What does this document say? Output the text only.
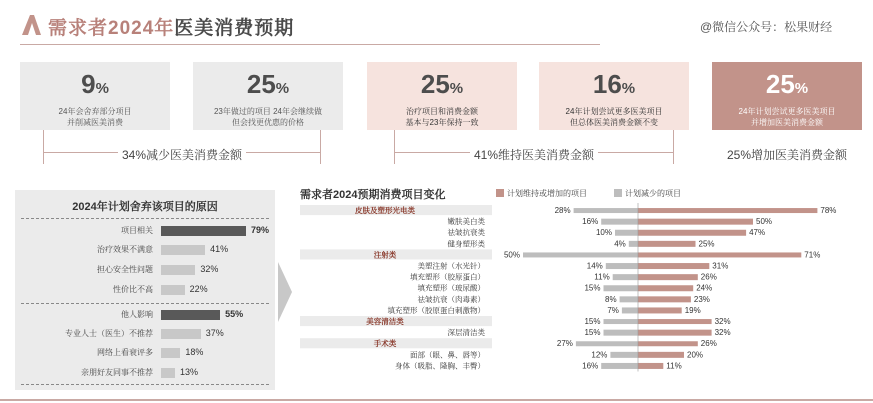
需求者2024年医美消费预期	@微信公众号：松果财经
9%
24年会舍弃部分项目
并削减医美消费
25%
23年做过的项目 24年会继续做
但会找更优惠的价格
25%
治疗项目和消费金额
基本与23年保持一致
16%
24年计划尝试更多医美项目
但总体医美消费金额不变
25%
24年计划尝试更多医美项目
并增加医美消费金额
34%减少医美消费金额	41%维持医美消费金额	25%增加医美消费金额
2024年计划舍弃该项目的原因
项目相关	79%
治疗效果不满意	41%
担心安全性问题	32%
性价比不高	22%
他人影响	55%
专业人士（医生）不推荐	37%
网络上看衰评多	18%
亲朋好友同事不推荐	13%
需求者2024预期消费项目变化	计划维持或增加的项目	计划减少的项目
皮肤及塑形光电类	28%	78%
嫩肤美白类	16%	50%
祛皱抗衰类	10%	47%
健身塑形类	4%	25%
注射类	50%	71%
美塑注射（水光针）	14%	31%
填充塑形（胶原蛋白）	11%	26%
填充塑形（玻尿酸）	15%	24%
祛皱抗衰（肉毒素）	8%	23%
填充塑形（胶原蛋白刺激物）	7%	19%
美容清洁类	15%	32%
深层清洁类	15%	32%
手术类	27%	26%
面部（眼、鼻、唇等）	12%	20%
身体（吸脂、隆胸、丰臀）	16%	11%
